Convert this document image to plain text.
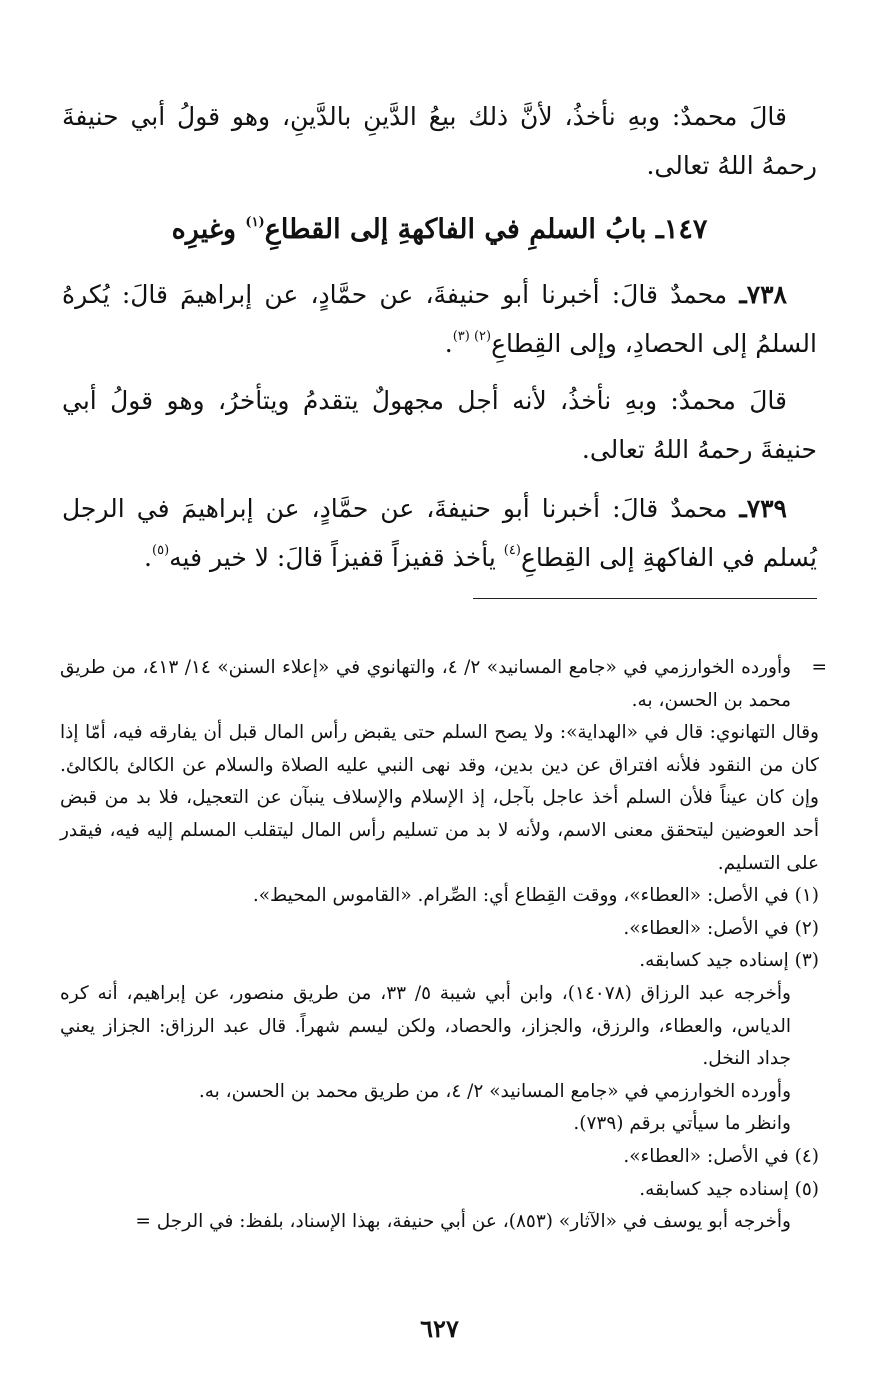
قالَ محمدٌ: وبهِ نأخذُ، لأنَّ ذلك بيعُ الدَّينِ بالدَّينِ، وهو قولُ أبي حنيفةَ رحمهُ اللهُ تعالى.

١٤٧ـ بابُ السلمِ في الفاكهةِ إلى القطاعِ$^{(١)}$ وغيرِه

٧٣٨ـ محمدٌ قالَ: أخبرنا أبو حنيفةَ، عن حمَّادٍ، عن إبراهيمَ قالَ: يُكرهُ السلمُ إلى الحصادِ، وإلى القِطاعِ$^{(٢) (٣)}$.

قالَ محمدٌ: وبهِ نأخذُ، لأنه أجل مجهولٌ يتقدمُ ويتأخرُ، وهو قولُ أبي حنيفةَ رحمهُ اللهُ تعالى.

٧٣٩ـ محمدٌ قالَ: أخبرنا أبو حنيفةَ، عن حمَّادٍ، عن إبراهيمَ في الرجل يُسلم في الفاكهةِ إلى القِطاعِ$^{(٤)}$ يأخذ قفيزاً قفيزاً قالَ: لا خير فيه$^{(٥)}$.

=
وأورده الخوارزمي في «جامع المسانيد» ٢/ ٤، والتهانوي في «إعلاء السنن» ١٤/ ٤١٣، من طريق محمد بن الحسن، به.

وقال التهانوي: قال في «الهداية»: ولا يصح السلم حتى يقبض رأس المال قبل أن يفارقه فيه، أمّا إذا كان من النقود فلأنه افتراق عن دين بدين، وقد نهى النبي عليه الصلاة والسلام عن الكالئ بالكالئ. وإن كان عيناً فلأن السلم أخذ عاجل بآجل، إذ الإسلام والإسلاف ينبآن عن التعجيل، فلا بد من قبض أحد العوضين ليتحقق معنى الاسم، ولأنه لا بد من تسليم رأس المال ليتقلب المسلم إليه فيه، فيقدر على التسليم.

(١) في الأصل: «العطاء»، ووقت القِطاع أي: الصِّرام. «القاموس المحيط».

(٢) في الأصل: «العطاء».

(٣) إسناده جيد كسابقه.

وأخرجه عبد الرزاق (١٤٠٧٨)، وابن أبي شيبة ٥/ ٣٣، من طريق منصور، عن إبراهيم، أنه كره الدياس، والعطاء، والرزق، والجزاز، والحصاد، ولكن ليسم شهراً. قال عبد الرزاق: الجزاز يعني جداد النخل.

وأورده الخوارزمي في «جامع المسانيد» ٢/ ٤، من طريق محمد بن الحسن، به.

وانظر ما سيأتي برقم (٧٣٩).

(٤) في الأصل: «العطاء».

(٥) إسناده جيد كسابقه.

وأخرجه أبو يوسف في «الآثار» (٨٥٣)، عن أبي حنيفة، بهذا الإسناد، بلفظ: في الرجل =

٦٢٧
